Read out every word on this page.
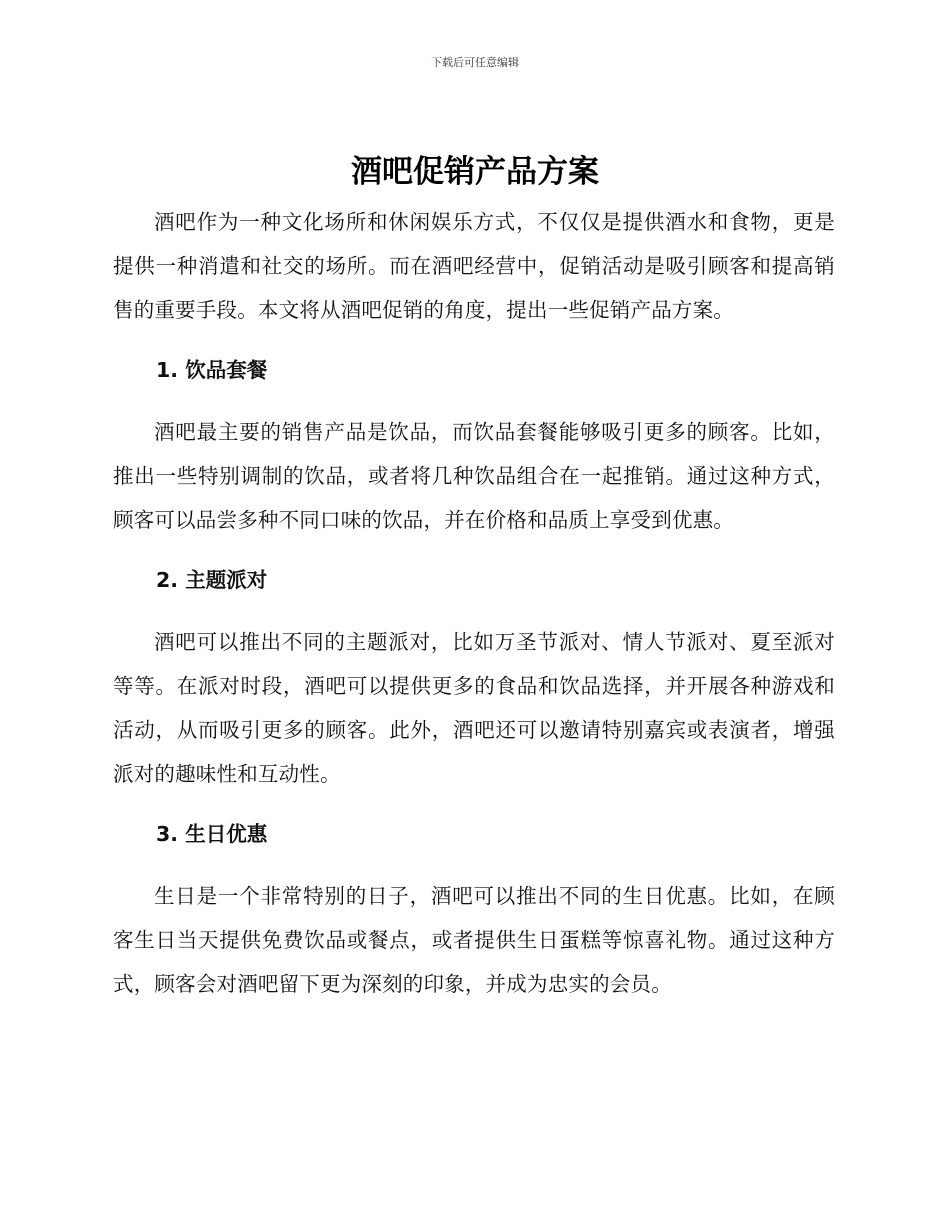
下载后可任意编辑
酒吧促销产品方案

酒吧作为一种文化场所和休闲娱乐方式，不仅仅是提供酒水和食物，更是提供一种消遣和社交的场所。而在酒吧经营中，促销活动是吸引顾客和提高销售的重要手段。本文将从酒吧促销的角度，提出一些促销产品方案。

1. 饮品套餐

酒吧最主要的销售产品是饮品，而饮品套餐能够吸引更多的顾客。比如，推出一些特别调制的饮品，或者将几种饮品组合在一起推销。通过这种方式，顾客可以品尝多种不同口味的饮品，并在价格和品质上享受到优惠。

2. 主题派对

酒吧可以推出不同的主题派对，比如万圣节派对、情人节派对、夏至派对等等。在派对时段，酒吧可以提供更多的食品和饮品选择，并开展各种游戏和活动，从而吸引更多的顾客。此外，酒吧还可以邀请特别嘉宾或表演者，增强派对的趣味性和互动性。

3. 生日优惠

生日是一个非常特别的日子，酒吧可以推出不同的生日优惠。比如，在顾客生日当天提供免费饮品或餐点，或者提供生日蛋糕等惊喜礼物。通过这种方式，顾客会对酒吧留下更为深刻的印象，并成为忠实的会员。
